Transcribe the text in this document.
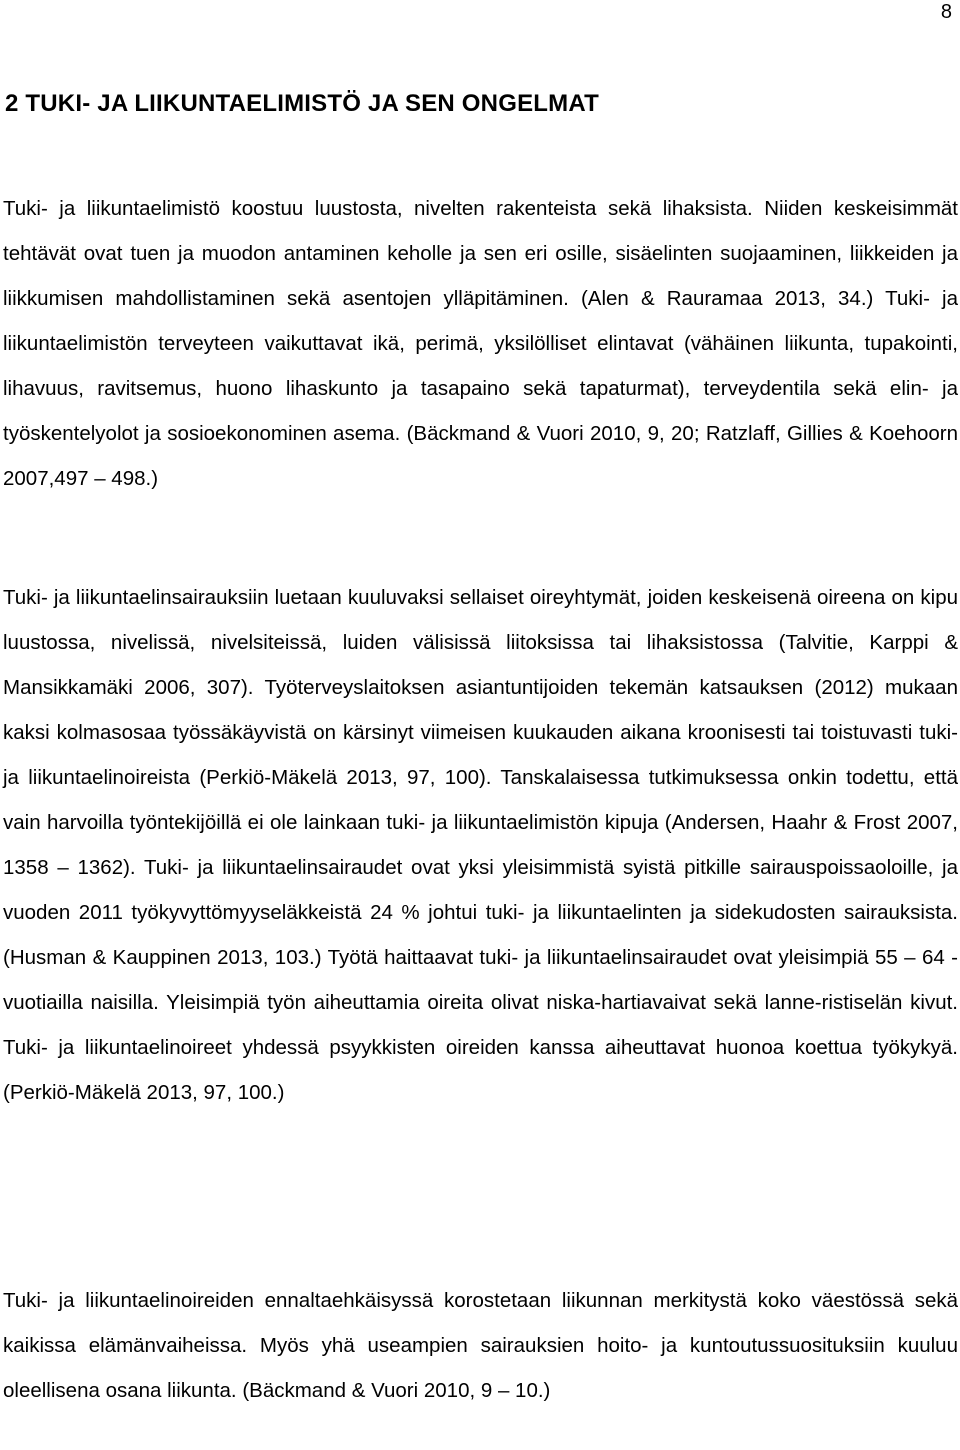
8
2 TUKI- JA LIIKUNTAELIMISTÖ JA SEN ONGELMAT

Tuki- ja liikuntaelimistö koostuu luustosta, nivelten rakenteista sekä lihaksista. Niiden keskeisimmät tehtävät ovat tuen ja muodon antaminen keholle ja sen eri osille, sisäelinten suojaaminen, liikkeiden ja liikkumisen mahdollistaminen sekä asentojen ylläpitäminen. (Alen & Rauramaa 2013, 34.) Tuki- ja liikuntaelimistön terveyteen vaikuttavat ikä, perimä, yksilölliset elintavat (vähäinen liikunta, tupakointi, lihavuus, ravitsemus, huono lihaskunto ja tasapaino sekä tapaturmat), terveydentila sekä elin- ja työskentelyolot ja sosioekonominen asema. (Bäckmand & Vuori 2010, 9, 20; Ratzlaff, Gillies & Koehoorn 2007,497 – 498.)

Tuki- ja liikuntaelinsairauksiin luetaan kuuluvaksi sellaiset oireyhtymät, joiden keskeisenä oireena on kipu luustossa, nivelissä, nivelsiteissä, luiden välisissä liitoksissa tai lihaksistossa (Talvitie, Karppi & Mansikkamäki 2006, 307). Työterveyslaitoksen asiantuntijoiden tekemän katsauksen (2012) mukaan kaksi kolmasosaa työssäkäyvistä on kärsinyt viimeisen kuukauden aikana kroonisesti tai toistuvasti tuki- ja liikuntaelinoireista (Perkiö-Mäkelä 2013, 97, 100). Tanskalaisessa tutkimuksessa onkin todettu, että vain harvoilla työntekijöillä ei ole lainkaan tuki- ja liikuntaelimistön kipuja (Andersen, Haahr & Frost 2007, 1358 – 1362). Tuki- ja liikuntaelinsairaudet ovat yksi yleisimmistä syistä pitkille sairauspoissaoloille, ja vuoden 2011 työkyvyttömyyseläkkeistä 24 % johtui tuki- ja liikuntaelinten ja sidekudosten sairauksista. (Husman & Kauppinen 2013, 103.) Työtä haittaavat tuki- ja liikuntaelinsairaudet ovat yleisimpiä 55 – 64 -vuotiailla naisilla. Yleisimpiä työn aiheuttamia oireita olivat niska-hartiavaivat sekä lanne-ristiselän kivut. Tuki- ja liikuntaelinoireet yhdessä psyykkisten oireiden kanssa aiheuttavat huonoa koettua työkykyä. (Perkiö-Mäkelä 2013, 97, 100.)

Tuki- ja liikuntaelinoireiden ennaltaehkäisyssä korostetaan liikunnan merkitystä koko väestössä sekä kaikissa elämänvaiheissa. Myös yhä useampien sairauksien hoito- ja kuntoutussuosituksiin kuuluu oleellisena osana liikunta. (Bäckmand & Vuori 2010, 9 – 10.)
